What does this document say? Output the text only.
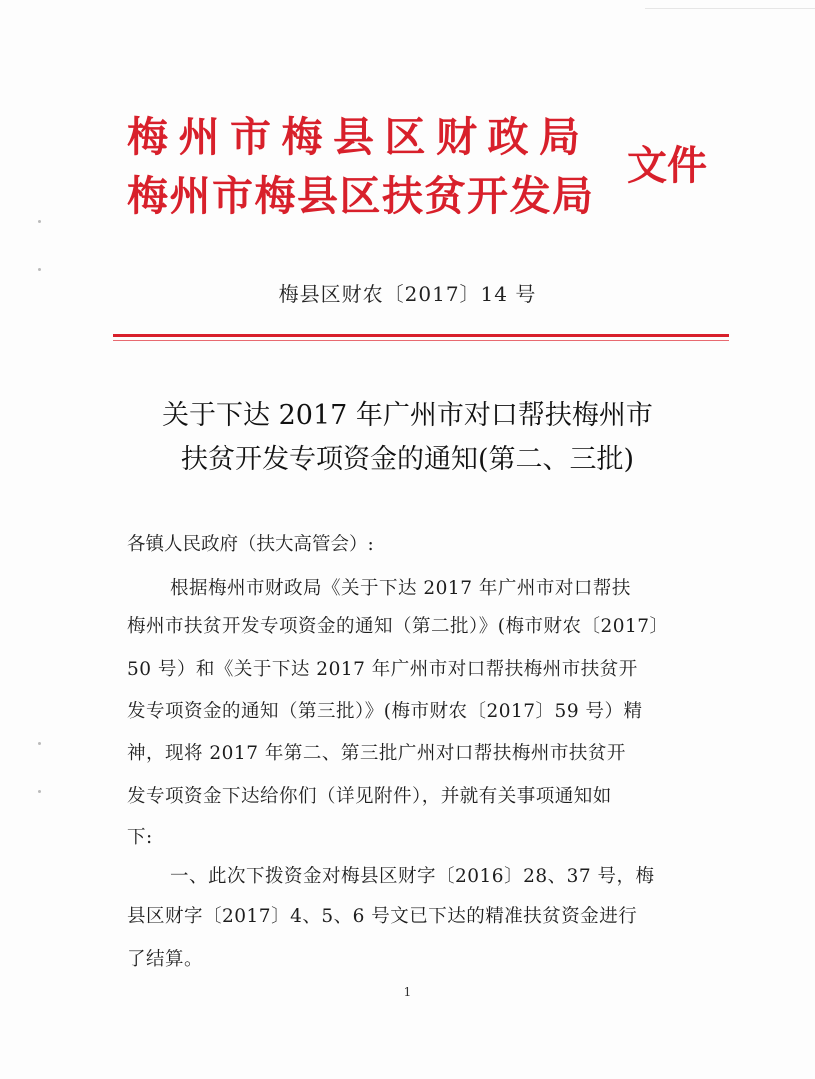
梅州市梅县区财政局
梅州市梅县区扶贫开发局
文件
梅县区财农〔2017〕14 号
关于下达 2017 年广州市对口帮扶梅州市
扶贫开发专项资金的通知(第二、三批)
各镇人民政府（扶大高管会）:
根据梅州市财政局《关于下达 2017 年广州市对口帮扶
梅州市扶贫开发专项资金的通知（第二批）》(梅市财农〔2017〕
50 号）和《关于下达 2017 年广州市对口帮扶梅州市扶贫开
发专项资金的通知（第三批）》(梅市财农〔2017〕59 号）精
神，现将 2017 年第二、第三批广州对口帮扶梅州市扶贫开
发专项资金下达给你们（详见附件），并就有关事项通知如
下:
一、此次下拨资金对梅县区财字〔2016〕28、37 号，梅
县区财字〔2017〕4、5、6 号文已下达的精准扶贫资金进行
了结算。
1
